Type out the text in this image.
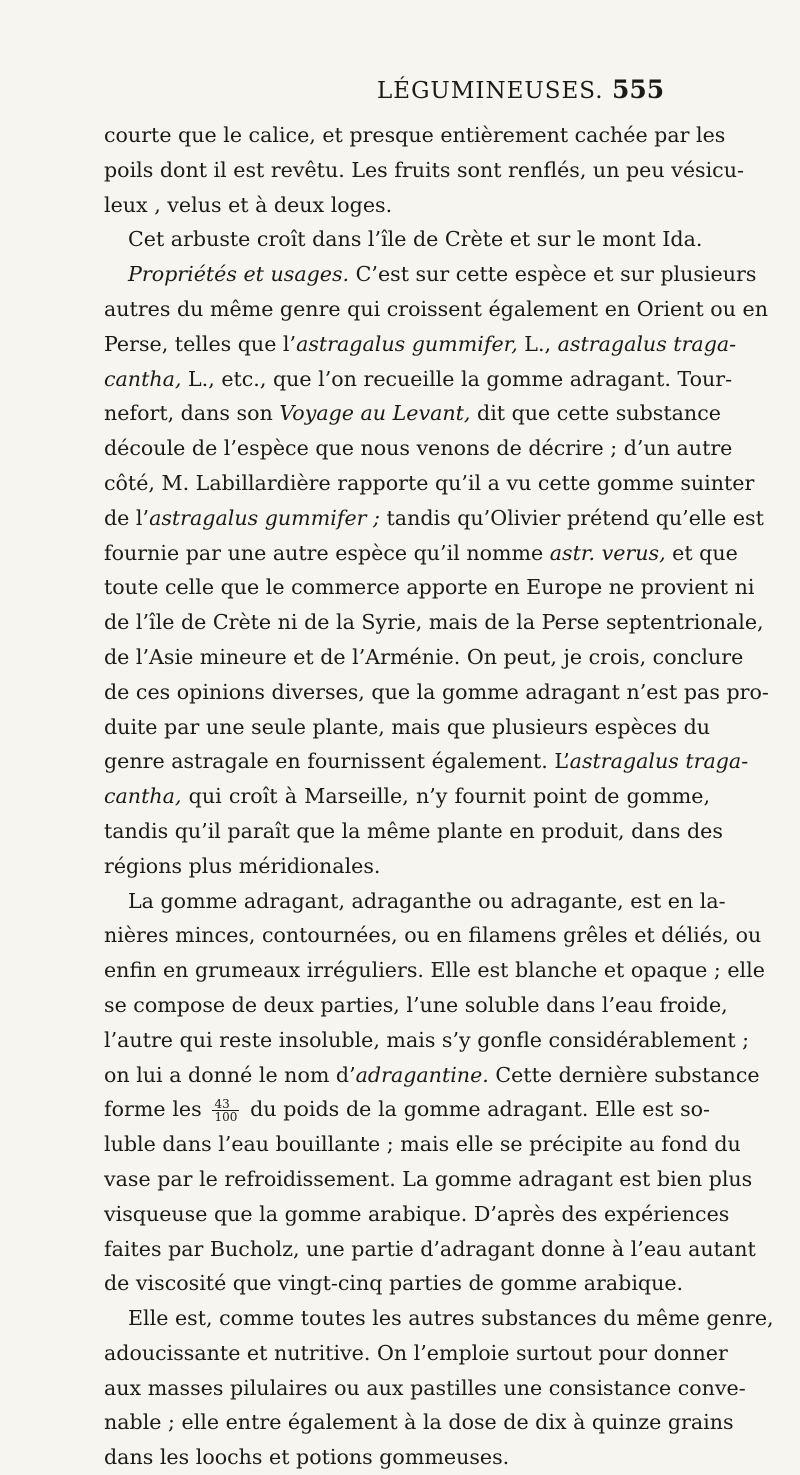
LÉGUMINEUSES. 555
courte que le calice, et presque entièrement cachée par les
poils dont il est revêtu. Les fruits sont renflés, un peu vésicu-
leux , velus et à deux loges.
Cet arbuste croît dans l’île de Crète et sur le mont Ida.
Propriétés et usages. C’est sur cette espèce et sur plusieurs
autres du même genre qui croissent également en Orient ou en
Perse, telles que l’astragalus gummifer, L., astragalus traga-
cantha, L., etc., que l’on recueille la gomme adragant. Tour-
nefort, dans son Voyage au Levant, dit que cette substance
découle de l’espèce que nous venons de décrire ; d’un autre
côté, M. Labillardière rapporte qu’il a vu cette gomme suinter
de l’astragalus gummifer ; tandis qu’Olivier prétend qu’elle est
fournie par une autre espèce qu’il nomme astr. verus, et que
toute celle que le commerce apporte en Europe ne provient ni
de l’île de Crète ni de la Syrie, mais de la Perse septentrionale,
de l’Asie mineure et de l’Arménie. On peut, je crois, conclure
de ces opinions diverses, que la gomme adragant n’est pas pro-
duite par une seule plante, mais que plusieurs espèces du
genre astragale en fournissent également. L’astragalus traga-
cantha, qui croît à Marseille, n’y fournit point de gomme,
tandis qu’il paraît que la même plante en produit, dans des
régions plus méridionales.
La gomme adragant, adraganthe ou adragante, est en la-
nières minces, contournées, ou en filamens grêles et déliés, ou
enfin en grumeaux irréguliers. Elle est blanche et opaque ; elle
se compose de deux parties, l’une soluble dans l’eau froide,
l’autre qui reste insoluble, mais s’y gonfle considérablement ;
on lui a donné le nom d’adragantine. Cette dernière substance
forme les $\frac{43}{100}$ du poids de la gomme adragant. Elle est so-
luble dans l’eau bouillante ; mais elle se précipite au fond du
vase par le refroidissement. La gomme adragant est bien plus
visqueuse que la gomme arabique. D’après des expériences
faites par Bucholz, une partie d’adragant donne à l’eau autant
de viscosité que vingt-cinq parties de gomme arabique.
Elle est, comme toutes les autres substances du même genre,
adoucissante et nutritive. On l’emploie surtout pour donner
aux masses pilulaires ou aux pastilles une consistance conve-
nable ; elle entre également à la dose de dix à quinze grains
dans les loochs et potions gommeuses.
